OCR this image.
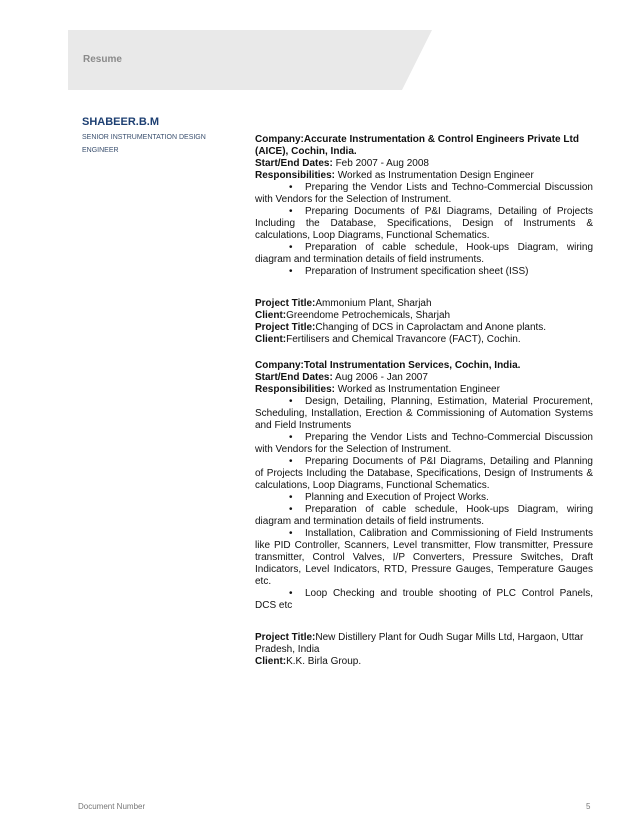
Resume
SHABEER.B.M
SENIOR INSTRUMENTATION DESIGN ENGINEER

Company:Accurate Instrumentation & Control Engineers Private Ltd (AICE), Cochin, India.

Start/End Dates: Feb 2007 - Aug 2008

Responsibilities: Worked as Instrumentation Design Engineer

• Preparing the Vendor Lists and Techno-Commercial Discussion with Vendors for the Selection of Instrument.
• Preparing Documents of P&I Diagrams, Detailing of Projects Including the Database, Specifications, Design of Instruments & calculations, Loop Diagrams, Functional Schematics.
• Preparation of cable schedule, Hook-ups Diagram, wiring diagram and termination details of field instruments.
• Preparation of Instrument specification sheet (ISS)

Project Title:Ammonium Plant, Sharjah

Client:Greendome Petrochemicals, Sharjah

Project Title:Changing of DCS in Caprolactam and Anone plants.

Client:Fertilisers and Chemical Travancore (FACT), Cochin.

Company:Total Instrumentation Services, Cochin, India.

Start/End Dates: Aug 2006 - Jan 2007

Responsibilities: Worked as Instrumentation Engineer

• Design, Detailing, Planning, Estimation, Material Procurement, Scheduling, Installation, Erection & Commissioning of Automation Systems and Field Instruments
• Preparing the Vendor Lists and Techno-Commercial Discussion with Vendors for the Selection of Instrument.
• Preparing Documents of P&I Diagrams, Detailing and Planning of Projects Including the Database, Specifications, Design of Instruments & calculations, Loop Diagrams, Functional Schematics.
• Planning and Execution of Project Works.
• Preparation of cable schedule, Hook-ups Diagram, wiring diagram and termination details of field instruments.
• Installation, Calibration and Commissioning of Field Instruments like PID Controller, Scanners, Level transmitter, Flow transmitter, Pressure transmitter, Control Valves, I/P Converters, Pressure Switches, Draft Indicators, Level Indicators, RTD, Pressure Gauges, Temperature Gauges etc.
• Loop Checking and trouble shooting of PLC Control Panels, DCS etc

Project Title:New Distillery Plant for Oudh Sugar Mills Ltd, Hargaon, Uttar Pradesh, India

Client:K.K. Birla Group.

Document Number	5
